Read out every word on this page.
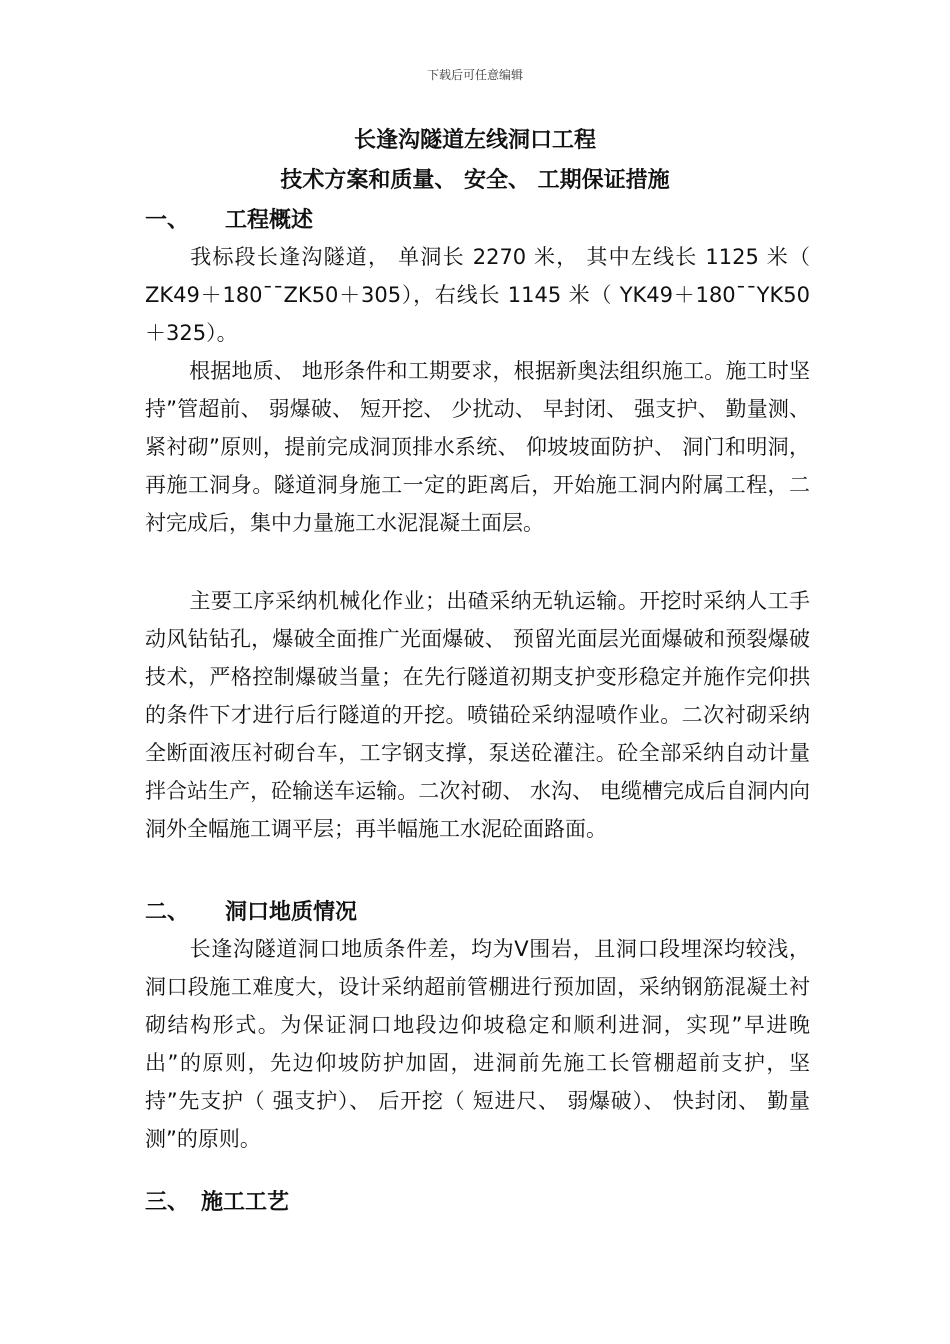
下载后可任意编辑
长逢沟隧道左线洞口工程
技术方案和质量、 安全、 工期保证措施
一、 工程概述

我标段长逢沟隧道， 单洞长 2270 米， 其中左线长 1125 米（ ZK49＋180¯¯ZK50＋305），右线长 1145 米（ YK49＋180¯¯YK50＋325）。

根据地质、 地形条件和工期要求，根据新奥法组织施工。施工时坚持”管超前、 弱爆破、 短开挖、 少扰动、 早封闭、 强支护、 勤量测、 紧衬砌”原则，提前完成洞顶排水系统、 仰坡坡面防护、 洞门和明洞，再施工洞身。隧道洞身施工一定的距离后，开始施工洞内附属工程，二衬完成后，集中力量施工水泥混凝土面层。

主要工序采纳机械化作业；出碴采纳无轨运输。开挖时采纳人工手动风钻钻孔，爆破全面推广光面爆破、 预留光面层光面爆破和预裂爆破技术，严格控制爆破当量；在先行隧道初期支护变形稳定并施作完仰拱的条件下才进行后行隧道的开挖。喷锚砼采纳湿喷作业。二次衬砌采纳全断面液压衬砌台车，工字钢支撑，泵送砼灌注。砼全部采纳自动计量拌合站生产，砼输送车运输。二次衬砌、 水沟、 电缆槽完成后自洞内向洞外全幅施工调平层；再半幅施工水泥砼面路面。

二、 洞口地质情况

长逢沟隧道洞口地质条件差，均为Ⅴ围岩，且洞口段埋深均较浅，洞口段施工难度大，设计采纳超前管棚进行预加固，采纳钢筋混凝土衬砌结构形式。为保证洞口地段边仰坡稳定和顺利进洞，实现”早进晚出”的原则，先边仰坡防护加固，进洞前先施工长管棚超前支护，坚持”先支护（ 强支护）、 后开挖（ 短进尺、 弱爆破）、 快封闭、 勤量测”的原则。

三、 施工工艺
